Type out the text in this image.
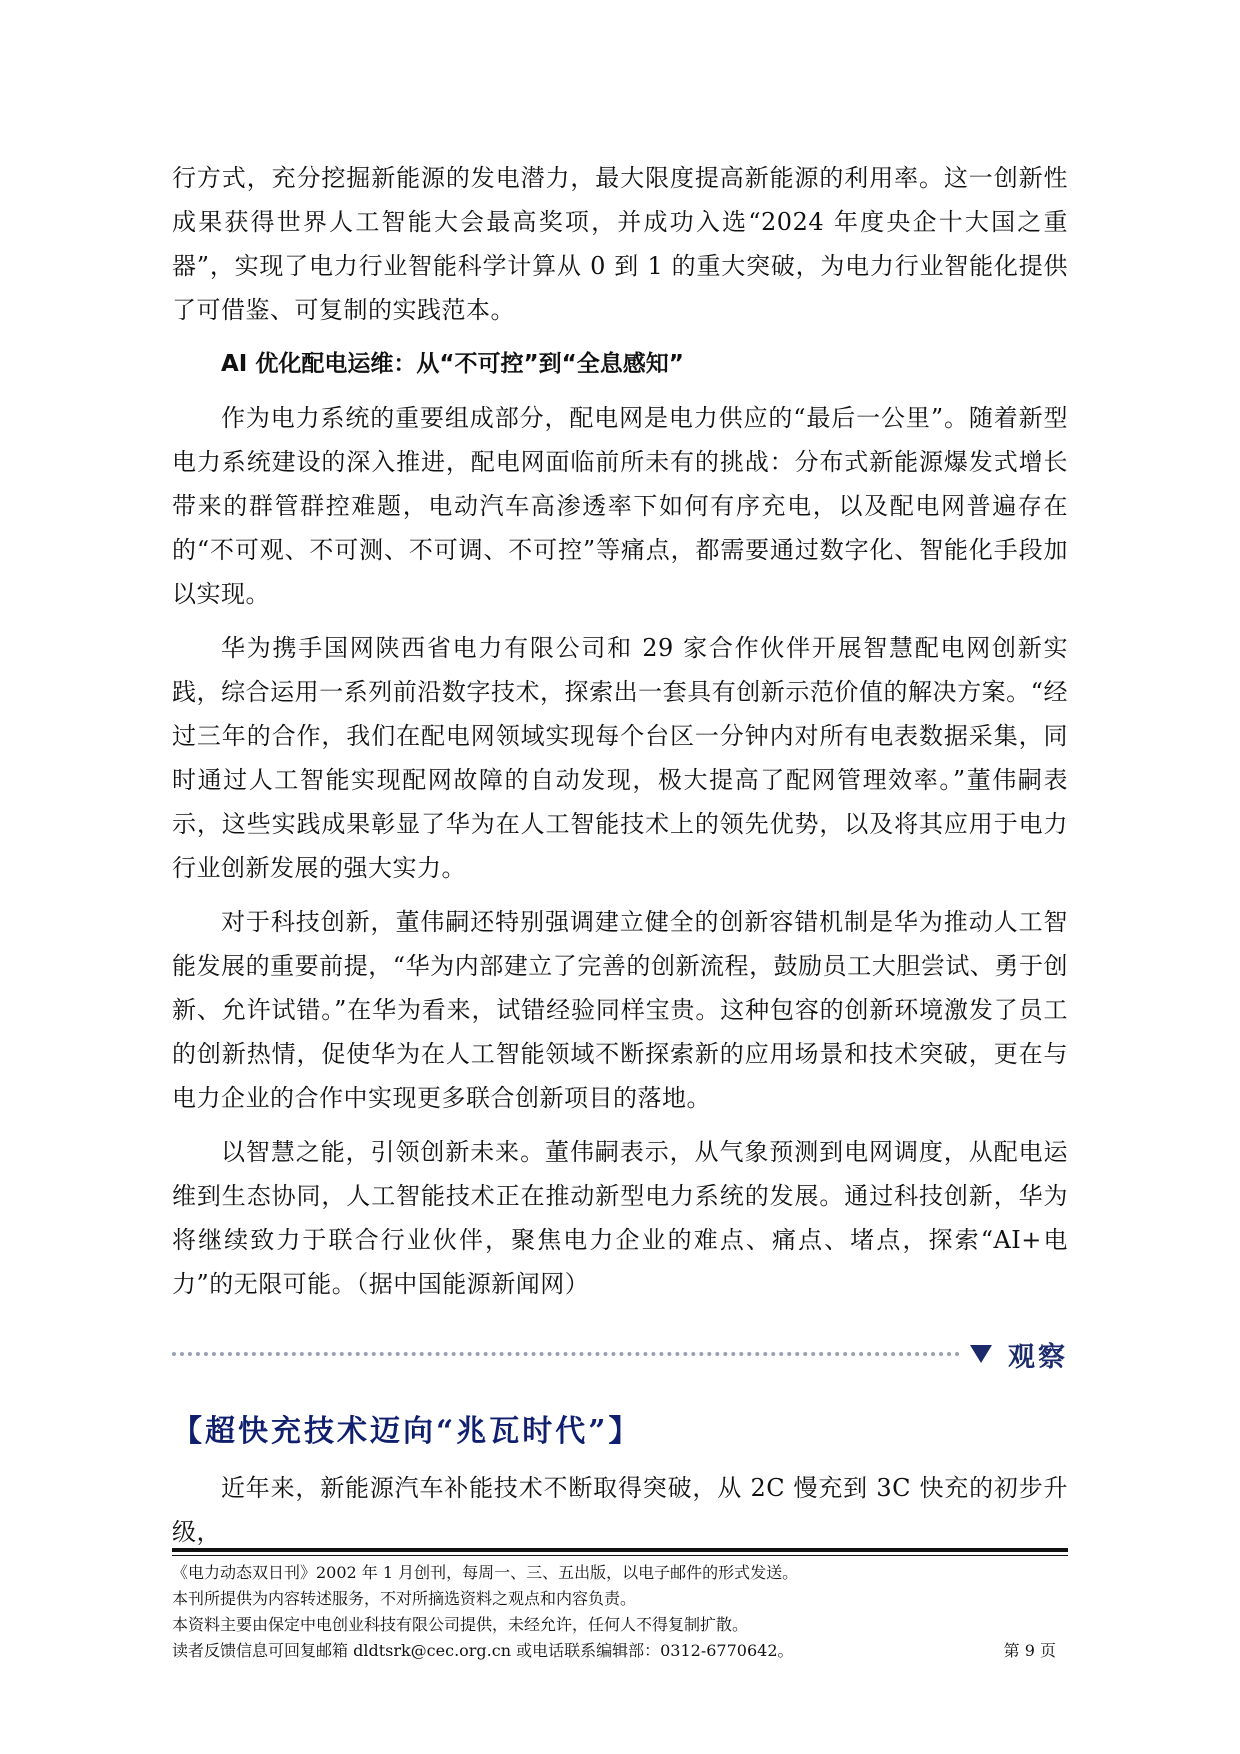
行方式，充分挖掘新能源的发电潜力，最大限度提高新能源的利用率。这一创新性成果获得世界人工智能大会最高奖项，并成功入选“2024 年度央企十大国之重器”，实现了电力行业智能科学计算从 0 到 1 的重大突破，为电力行业智能化提供了可借鉴、可复制的实践范本。

AI 优化配电运维：从“不可控”到“全息感知”

作为电力系统的重要组成部分，配电网是电力供应的“最后一公里”。随着新型电力系统建设的深入推进，配电网面临前所未有的挑战：分布式新能源爆发式增长带来的群管群控难题，电动汽车高渗透率下如何有序充电，以及配电网普遍存在的“不可观、不可测、不可调、不可控”等痛点，都需要通过数字化、智能化手段加以实现。

华为携手国网陕西省电力有限公司和 29 家合作伙伴开展智慧配电网创新实践，综合运用一系列前沿数字技术，探索出一套具有创新示范价值的解决方案。“经过三年的合作，我们在配电网领域实现每个台区一分钟内对所有电表数据采集，同时通过人工智能实现配网故障的自动发现，极大提高了配网管理效率。”董伟嗣表示，这些实践成果彰显了华为在人工智能技术上的领先优势，以及将其应用于电力行业创新发展的强大实力。

对于科技创新，董伟嗣还特别强调建立健全的创新容错机制是华为推动人工智能发展的重要前提，“华为内部建立了完善的创新流程，鼓励员工大胆尝试、勇于创新、允许试错。”在华为看来，试错经验同样宝贵。这种包容的创新环境激发了员工的创新热情，促使华为在人工智能领域不断探索新的应用场景和技术突破，更在与电力企业的合作中实现更多联合创新项目的落地。

以智慧之能，引领创新未来。董伟嗣表示，从气象预测到电网调度，从配电运维到生态协同，人工智能技术正在推动新型电力系统的发展。通过科技创新，华为将继续致力于联合行业伙伴，聚焦电力企业的难点、痛点、堵点，探索“AI+电力”的无限可能。（据中国能源新闻网）

观察
【超快充技术迈向“兆瓦时代”】

近年来，新能源汽车补能技术不断取得突破，从 2C 慢充到 3C 快充的初步升级，

《电力动态双日刊》2002 年 1 月创刊，每周一、三、五出版，以电子邮件的形式发送。
本刊所提供为内容转述服务，不对所摘选资料之观点和内容负责。
本资料主要由保定中电创业科技有限公司提供，未经允许，任何人不得复制扩散。
读者反馈信息可回复邮箱 dldtsrk@cec.org.cn 或电话联系编辑部：0312-6770642。	第 9 页
